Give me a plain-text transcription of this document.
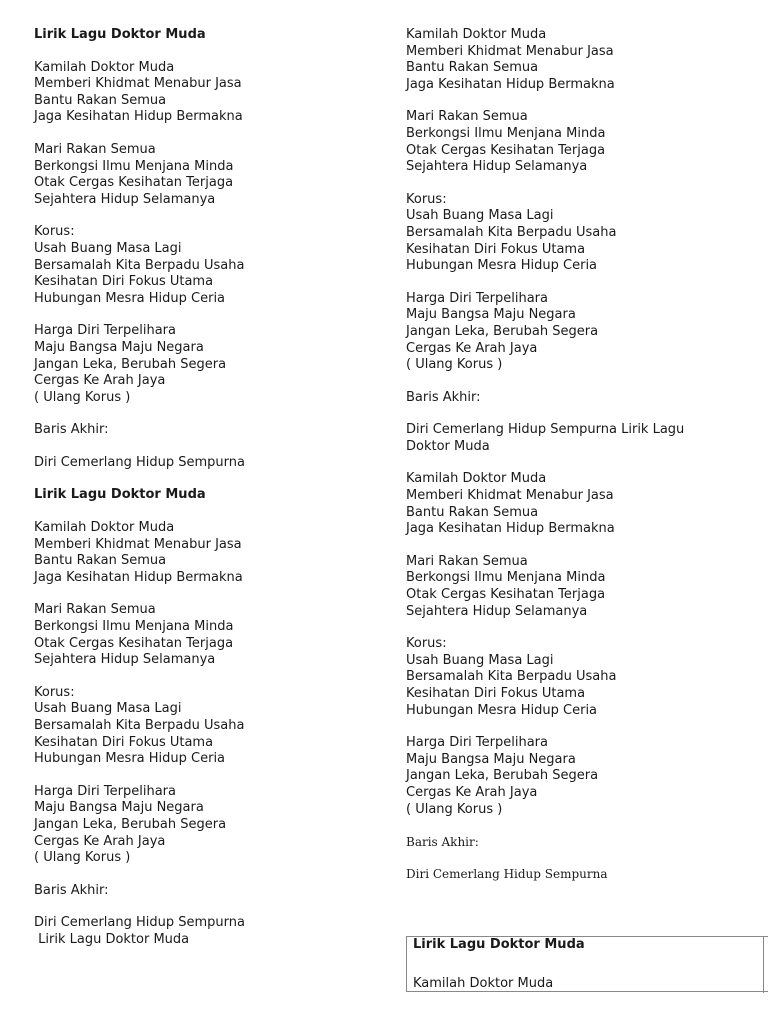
Lirik Lagu Doktor Muda
Kamilah Doktor Muda
Memberi Khidmat Menabur Jasa
Bantu Rakan Semua
Jaga Kesihatan Hidup Bermakna
Mari Rakan Semua
Berkongsi Ilmu Menjana Minda
Otak Cergas Kesihatan Terjaga
Sejahtera Hidup Selamanya
Korus:
Usah Buang Masa Lagi
Bersamalah Kita Berpadu Usaha
Kesihatan Diri Fokus Utama
Hubungan Mesra Hidup Ceria
Harga Diri Terpelihara
Maju Bangsa Maju Negara
Jangan Leka, Berubah Segera
Cergas Ke Arah Jaya
( Ulang Korus )
Baris Akhir:
Diri Cemerlang Hidup Sempurna
Lirik Lagu Doktor Muda
Kamilah Doktor Muda
Memberi Khidmat Menabur Jasa
Bantu Rakan Semua
Jaga Kesihatan Hidup Bermakna
Mari Rakan Semua
Berkongsi Ilmu Menjana Minda
Otak Cergas Kesihatan Terjaga
Sejahtera Hidup Selamanya
Korus:
Usah Buang Masa Lagi
Bersamalah Kita Berpadu Usaha
Kesihatan Diri Fokus Utama
Hubungan Mesra Hidup Ceria
Harga Diri Terpelihara
Maju Bangsa Maju Negara
Jangan Leka, Berubah Segera
Cergas Ke Arah Jaya
( Ulang Korus )
Baris Akhir:
Diri Cemerlang Hidup Sempurna
Lirik Lagu Doktor Muda
Kamilah Doktor Muda
Memberi Khidmat Menabur Jasa
Bantu Rakan Semua
Jaga Kesihatan Hidup Bermakna
Mari Rakan Semua
Berkongsi Ilmu Menjana Minda
Otak Cergas Kesihatan Terjaga
Sejahtera Hidup Selamanya
Korus:
Usah Buang Masa Lagi
Bersamalah Kita Berpadu Usaha
Kesihatan Diri Fokus Utama
Hubungan Mesra Hidup Ceria
Harga Diri Terpelihara
Maju Bangsa Maju Negara
Jangan Leka, Berubah Segera
Cergas Ke Arah Jaya
( Ulang Korus )
Baris Akhir:
Diri Cemerlang Hidup Sempurna Lirik Lagu
Doktor Muda
Kamilah Doktor Muda
Memberi Khidmat Menabur Jasa
Bantu Rakan Semua
Jaga Kesihatan Hidup Bermakna
Mari Rakan Semua
Berkongsi Ilmu Menjana Minda
Otak Cergas Kesihatan Terjaga
Sejahtera Hidup Selamanya
Korus:
Usah Buang Masa Lagi
Bersamalah Kita Berpadu Usaha
Kesihatan Diri Fokus Utama
Hubungan Mesra Hidup Ceria
Harga Diri Terpelihara
Maju Bangsa Maju Negara
Jangan Leka, Berubah Segera
Cergas Ke Arah Jaya
( Ulang Korus )
Baris Akhir:
Diri Cemerlang Hidup Sempurna
Lirik Lagu Doktor Muda
Kamilah Doktor Muda
